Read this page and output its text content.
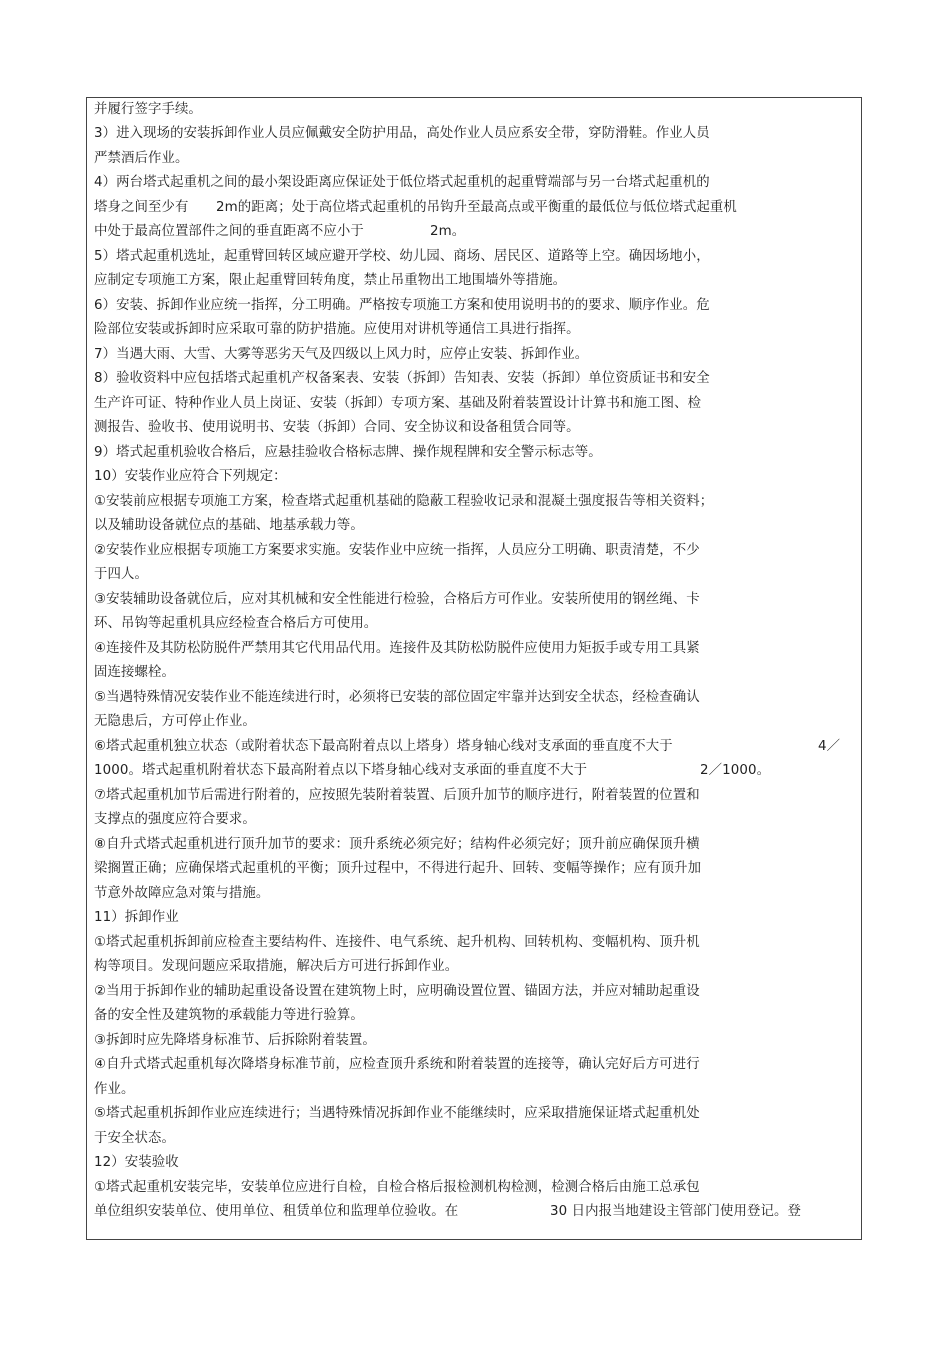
并履行签字手续。
3）进入现场的安装拆卸作业人员应佩戴安全防护用品，高处作业人员应系安全带，穿防滑鞋。作业人员
严禁酒后作业。
4）两台塔式起重机之间的最小架设距离应保证处于低位塔式起重机的起重臂端部与另一台塔式起重机的
塔身之间至少有 2m的距离；处于高位塔式起重机的吊钩升至最高点或平衡重的最低位与低位塔式起重机
中处于最高位置部件之间的垂直距离不应小于	2m。
5）塔式起重机选址，起重臂回转区域应避开学校、幼儿园、商场、居民区、道路等上空。确因场地小，
应制定专项施工方案，限止起重臂回转角度，禁止吊重物出工地围墙外等措施。
6）安装、拆卸作业应统一指挥，分工明确。严格按专项施工方案和使用说明书的的要求、顺序作业。危
险部位安装或拆卸时应采取可靠的防护措施。应使用对讲机等通信工具进行指挥。
7）当遇大雨、大雪、大雾等恶劣天气及四级以上风力时，应停止安装、拆卸作业。
8）验收资料中应包括塔式起重机产权备案表、安装（拆卸）告知表、安装（拆卸）单位资质证书和安全
生产许可证、特种作业人员上岗证、安装（拆卸）专项方案、基础及附着装置设计计算书和施工图、检
测报告、验收书、使用说明书、安装（拆卸）合同、安全协议和设备租赁合同等。
9）塔式起重机验收合格后，应悬挂验收合格标志牌、操作规程牌和安全警示标志等。
10）安装作业应符合下列规定：
①安装前应根据专项施工方案，检查塔式起重机基础的隐蔽工程验收记录和混凝土强度报告等相关资料；
以及辅助设备就位点的基础、地基承载力等。
②安装作业应根据专项施工方案要求实施。安装作业中应统一指挥，人员应分工明确、职责清楚，不少
于四人。
③安装辅助设备就位后，应对其机械和安全性能进行检验，合格后方可作业。安装所使用的钢丝绳、卡
环、吊钩等起重机具应经检查合格后方可使用。
④连接件及其防松防脱件严禁用其它代用品代用。连接件及其防松防脱件应使用力矩扳手或专用工具紧
固连接螺栓。
⑤当遇特殊情况安装作业不能连续进行时，必须将已安装的部位固定牢靠并达到安全状态，经检查确认
无隐患后，方可停止作业。
⑥塔式起重机独立状态（或附着状态下最高附着点以上塔身）塔身轴心线对支承面的垂直度不大于	4／
1000。塔式起重机附着状态下最高附着点以下塔身轴心线对支承面的垂直度不大于	2／1000。
⑦塔式起重机加节后需进行附着的，应按照先装附着装置、后顶升加节的顺序进行，附着装置的位置和
支撑点的强度应符合要求。
⑧自升式塔式起重机进行顶升加节的要求：顶升系统必须完好；结构件必须完好；顶升前应确保顶升横
梁搁置正确；应确保塔式起重机的平衡；顶升过程中，不得进行起升、回转、变幅等操作；应有顶升加
节意外故障应急对策与措施。
11）拆卸作业
①塔式起重机拆卸前应检查主要结构件、连接件、电气系统、起升机构、回转机构、变幅机构、顶升机
构等项目。发现问题应采取措施，解决后方可进行拆卸作业。
②当用于拆卸作业的辅助起重设备设置在建筑物上时，应明确设置位置、锚固方法，并应对辅助起重设
备的安全性及建筑物的承载能力等进行验算。
③拆卸时应先降塔身标准节、后拆除附着装置。
④自升式塔式起重机每次降塔身标准节前，应检查顶升系统和附着装置的连接等，确认完好后方可进行
作业。
⑤塔式起重机拆卸作业应连续进行；当遇特殊情况拆卸作业不能继续时，应采取措施保证塔式起重机处
于安全状态。
12）安装验收
①塔式起重机安装完毕，安装单位应进行自检，自检合格后报检测机构检测，检测合格后由施工总承包
单位组织安装单位、使用单位、租赁单位和监理单位验收。在	30 日内报当地建设主管部门使用登记。登
